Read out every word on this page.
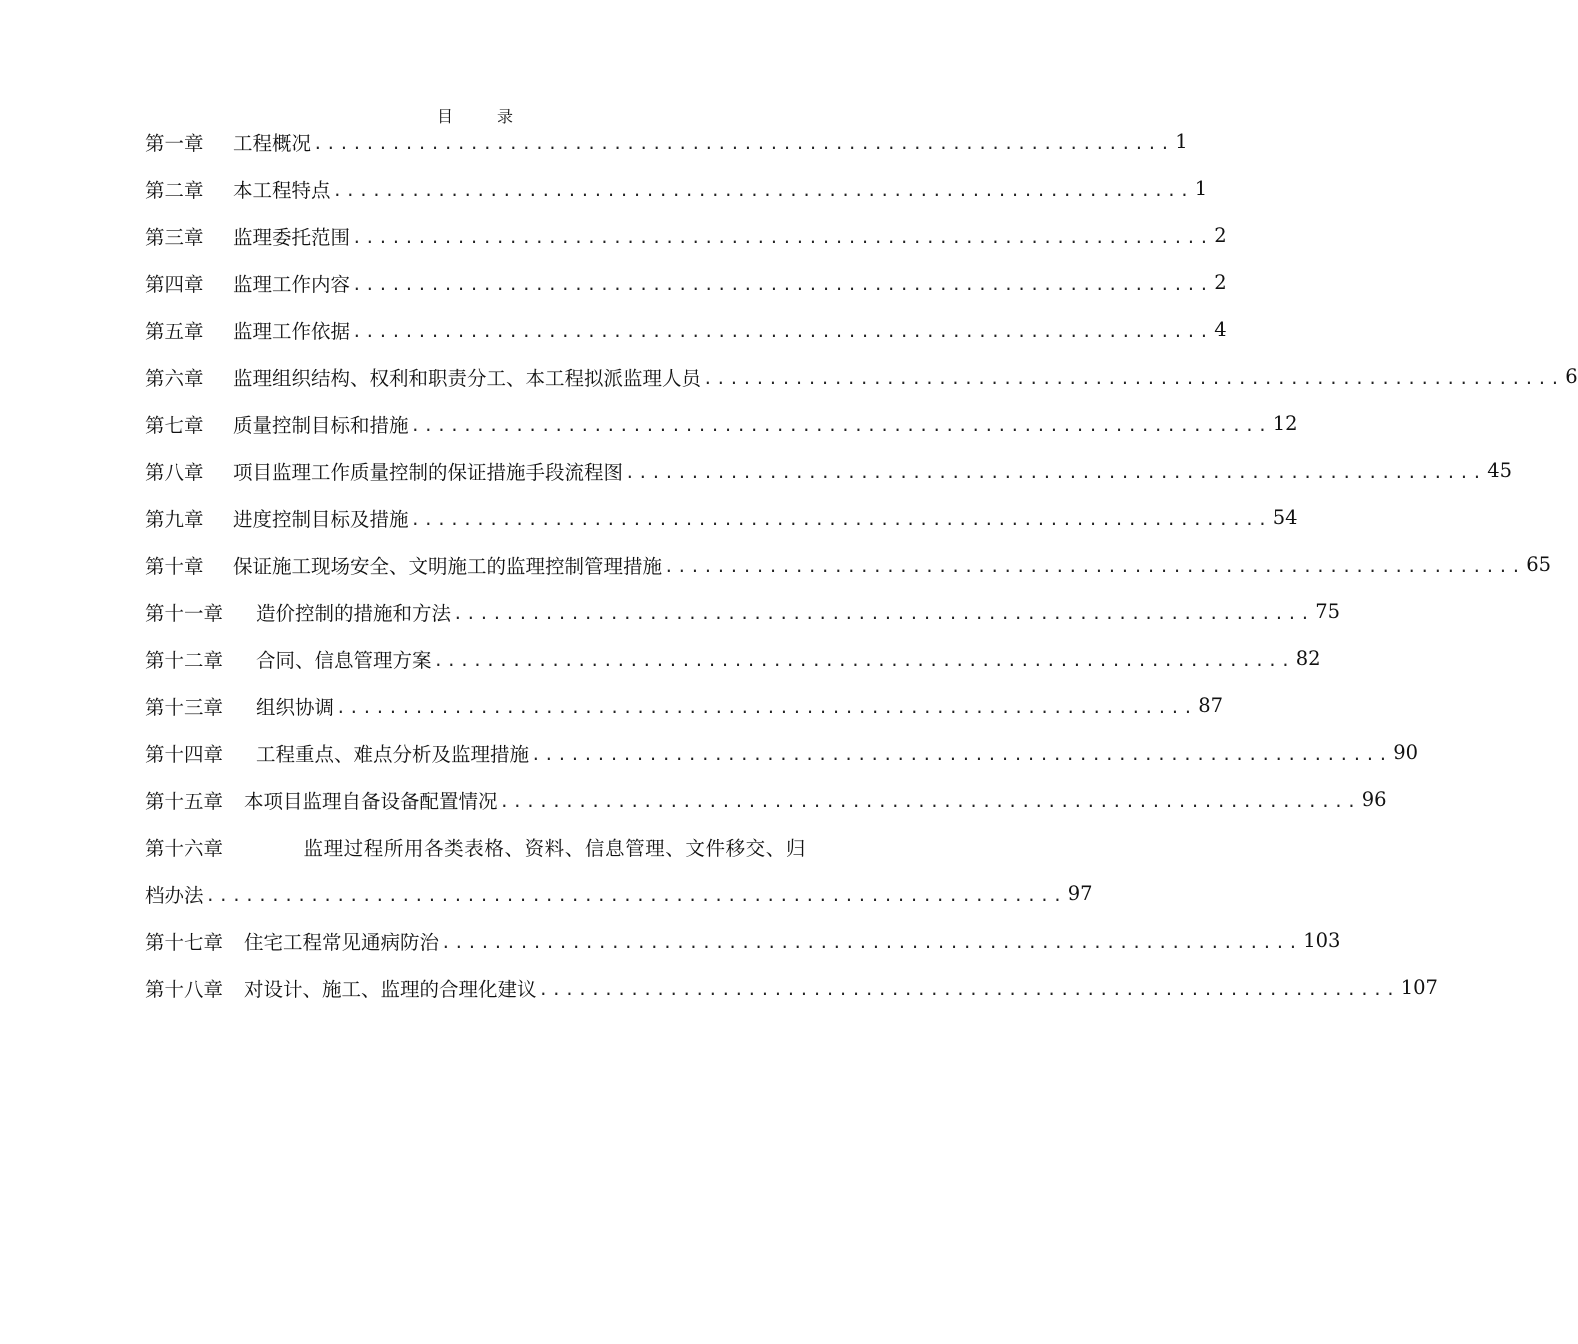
目　录
第一章	工程概况 .................................................................. 1
第二章	本工程特点 .................................................................. 1
第三章	监理委托范围 .................................................................. 2
第四章	监理工作内容 .................................................................. 2
第五章	监理工作依据 .................................................................. 4
第六章	监理组织结构、权利和职责分工、本工程拟派监理人员 .................................................................. 6
第七章	质量控制目标和措施 .................................................................. 12
第八章	项目监理工作质量控制的保证措施手段流程图 .................................................................. 45
第九章	进度控制目标及措施 .................................................................. 54
第十章	保证施工现场安全、文明施工的监理控制管理措施 .................................................................. 65
第十一章	造价控制的措施和方法 .................................................................. 75
第十二章	合同、信息管理方案 .................................................................. 82
第十三章	组织协调 .................................................................. 87
第十四章	工程重点、难点分析及监理措施 .................................................................. 90
第十五章	本项目监理自备设备配置情况 .................................................................. 96
第十六章	监理过程所用各类表格、资料、信息管理、文件移交、归
档办法 .................................................................. 97
第十七章	住宅工程常见通病防治 .................................................................. 103
第十八章	对设计、施工、监理的合理化建议 .................................................................. 107
